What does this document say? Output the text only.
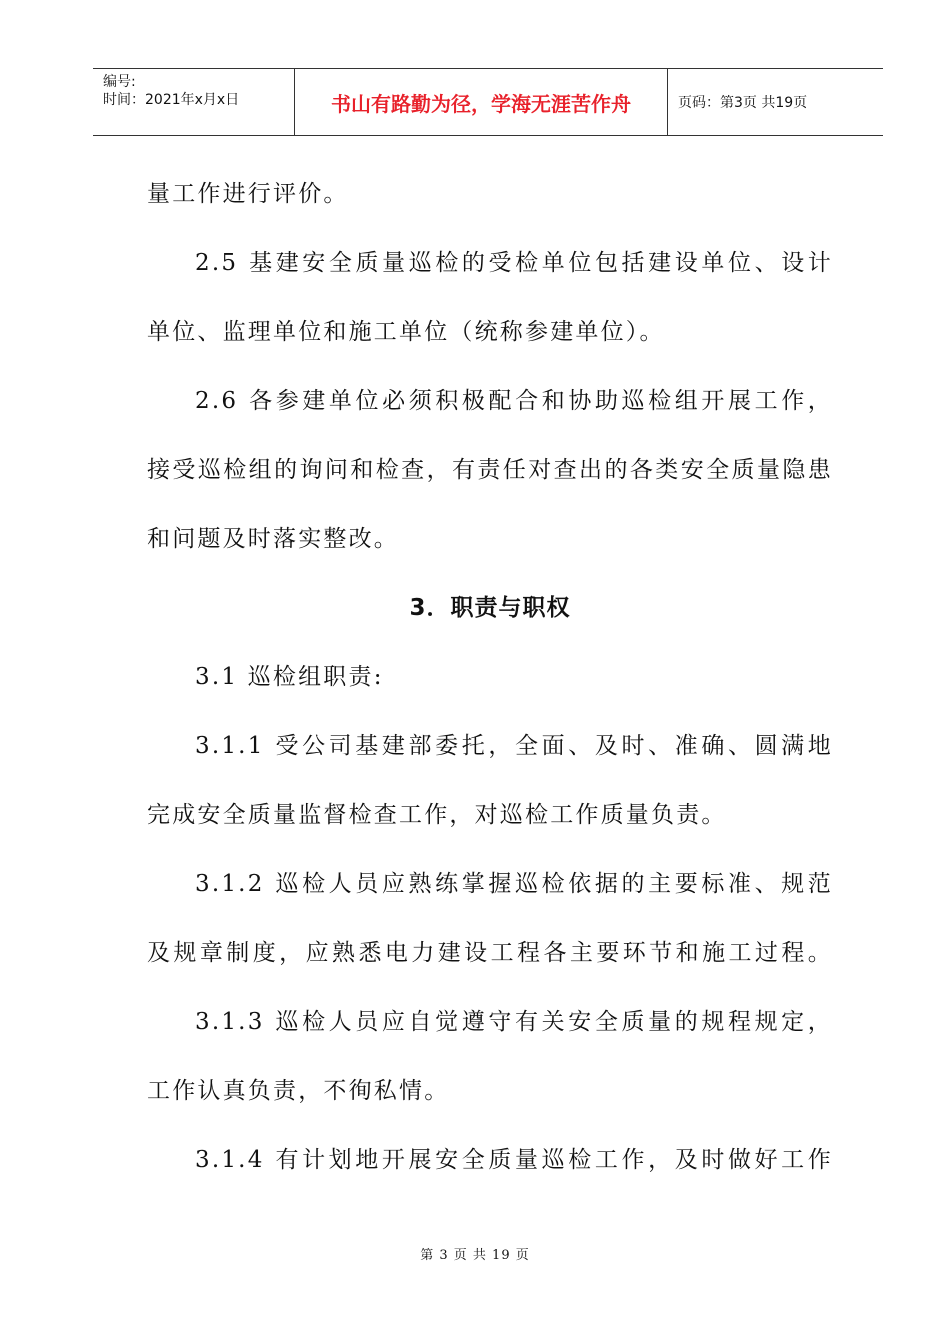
编号:
时间：2021年x月x日	书山有路勤为径，学海无涯苦作舟	页码：第3页 共19页
量工作进行评价。
2.5 基建安全质量巡检的受检单位包括建设单位、设计
单位、监理单位和施工单位（统称参建单位）。
2.6 各参建单位必须积极配合和协助巡检组开展工作，
接受巡检组的询问和检查，有责任对查出的各类安全质量隐患
和问题及时落实整改。
3．职责与职权
3.1 巡检组职责:
3.1.1 受公司基建部委托，全面、及时、准确、圆满地
完成安全质量监督检查工作，对巡检工作质量负责。
3.1.2 巡检人员应熟练掌握巡检依据的主要标准、规范
及规章制度，应熟悉电力建设工程各主要环节和施工过程。
3.1.3 巡检人员应自觉遵守有关安全质量的规程规定，
工作认真负责，不徇私情。
3.1.4 有计划地开展安全质量巡检工作，及时做好工作
第 3 页 共 19 页
